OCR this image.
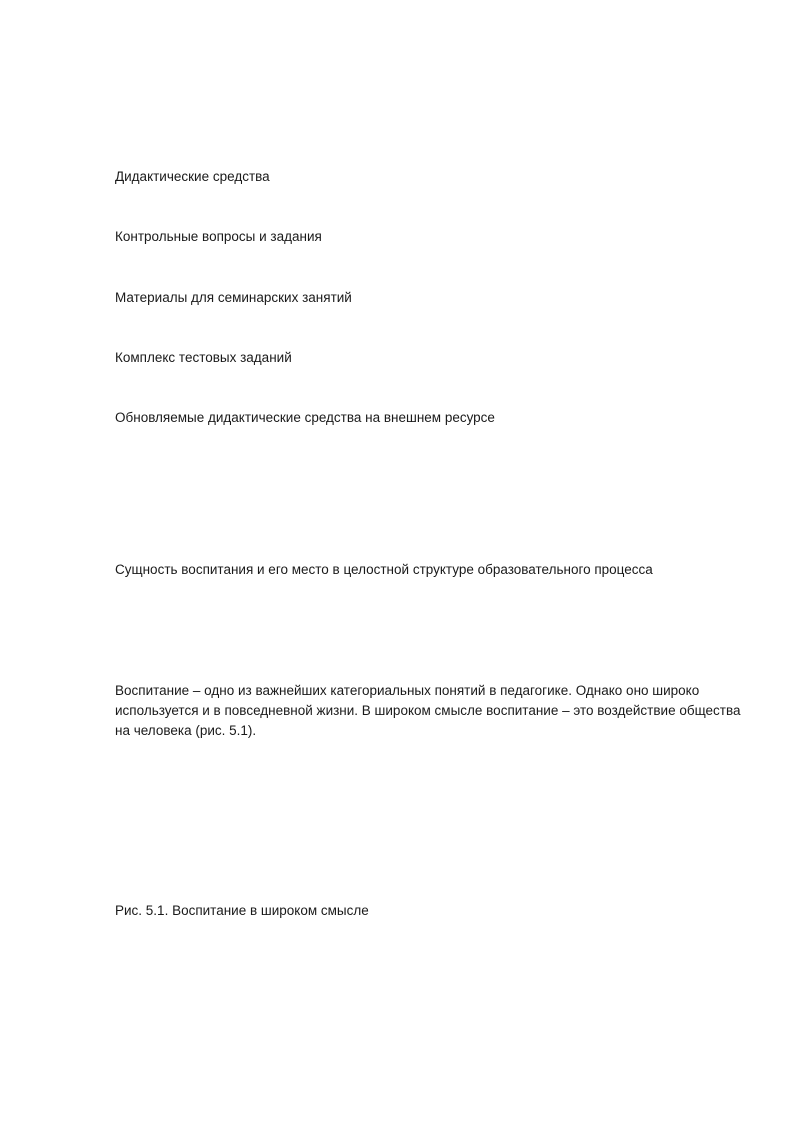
Дидактические средства
Контрольные вопросы и задания
Материалы для семинарских занятий
Комплекс тестовых заданий
Обновляемые дидактические средства на внешнем ресурсе
Сущность воспитания и его место в целостной структуре образовательного процесса
Воспитание – одно из важнейших категориальных понятий в педагогике. Однако оно широко используется и в повседневной жизни. В широком смысле воспитание – это воздействие общества на человека (рис. 5.1).
Рис. 5.1. Воспитание в широком смысле
